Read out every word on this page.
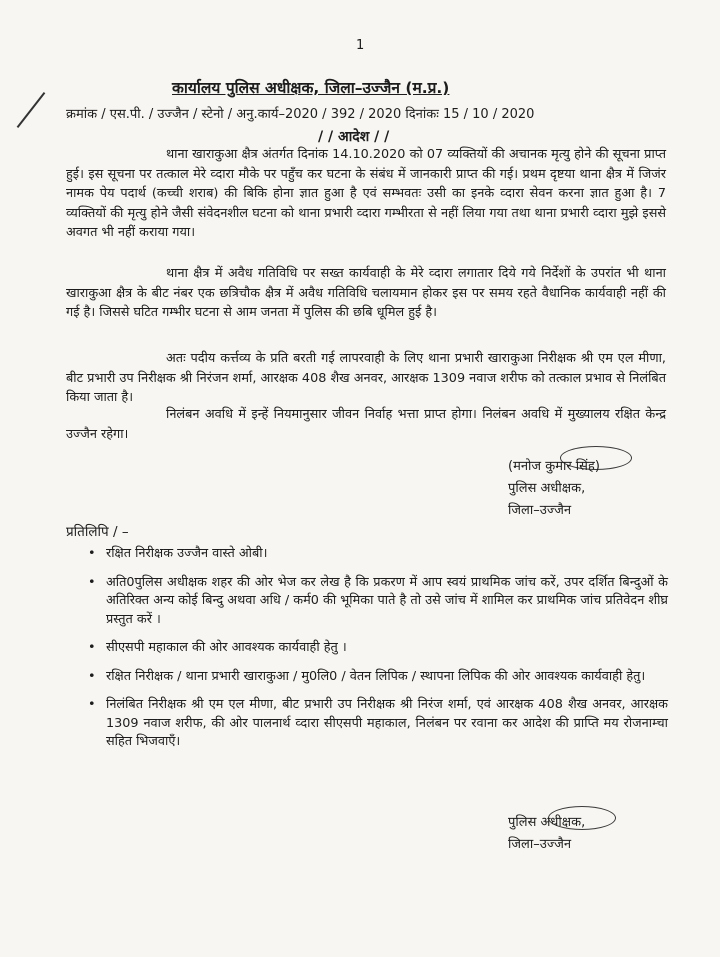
1
कार्यालय पुलिस अधीक्षक, जिला–उज्जैन (म.प्र.)
क्रमांक / एस.पी. / उज्जैन / स्टेनो / अनु.कार्य–2020 / 392 / 2020 दिनांकः 15 / 10 / 2020
/ / आदेश / /
थाना खाराकुआ क्षैत्र अंतर्गत दिनांक 14.10.2020 को 07 व्यक्तियों की अचानक मृत्यु होने की सूचना प्राप्त हुई। इस सूचना पर तत्काल मेरे व्दारा मौके पर पहुँच कर घटना के संबंध में जानकारी प्राप्त की गई। प्रथम दृष्टया थाना क्षैत्र में जिजंर नामक पेय पदार्थ (कच्ची शराब) की बिकि होना ज्ञात हुआ है एवं सम्भवतः उसी का इनके व्दारा सेवन करना ज्ञात हुआ है। 7 व्यक्तियों की मृत्यु होने जैसी संवेदनशील घटना को थाना प्रभारी व्दारा गम्भीरता से नहीं लिया गया तथा थाना प्रभारी व्दारा मुझे इससे अवगत भी नहीं कराया गया।
थाना क्षैत्र में अवैध गतिविधि पर सख्त कार्यवाही के मेरे व्दारा लगातार दिये गये निर्देशों के उपरांत भी थाना खाराकुआ क्षैत्र के बीट नंबर एक छत्रिचौक क्षैत्र में अवैध गतिविधि चलायमान होकर इस पर समय रहते वैधानिक कार्यवाही नहीं की गई है। जिससे घटित गम्भीर घटना से आम जनता में पुलिस की छबि धूमिल हुई है।
अतः पदीय कर्त्तव्य के प्रति बरती गई लापरवाही के लिए थाना प्रभारी खाराकुआ निरीक्षक श्री एम एल मीणा, बीट प्रभारी उप निरीक्षक श्री निरंजन शर्मा, आरक्षक 408 शैख अनवर, आरक्षक 1309 नवाज शरीफ को तत्काल प्रभाव से निलंबित किया जाता है।
निलंबन अवधि में इन्हें नियमानुसार जीवन निर्वाह भत्ता प्राप्त होगा। निलंबन अवधि में मुख्यालय रक्षित केन्द्र उज्जैन रहेगा।
(मनोज कुमार सिंह)
पुलिस अधीक्षक,
जिला–उज्जैन
प्रतिलिपि / –
• रक्षित निरीक्षक उज्जैन वास्ते ओबी।
• अति0पुलिस अधीक्षक शहर की ओर भेज कर लेख है कि प्रकरण में आप स्वयं प्राथमिक जांच करें, उपर दर्शित बिन्दुओं के अतिरिक्त अन्य कोई बिन्दु अथवा अधि / कर्म0 की भूमिका पाते है तो उसे जांच में शामिल कर प्राथमिक जांच प्रतिवेदन शीघ्र प्रस्तुत करें ।
• सीएसपी महाकाल की ओर आवश्यक कार्यवाही हेतु ।
• रक्षित निरीक्षक / थाना प्रभारी खाराकुआ / मु0लि0 / वेतन लिपिक / स्थापना लिपिक की ओर आवश्यक कार्यवाही हेतु।
• निलंबित निरीक्षक श्री एम एल मीणा, बीट प्रभारी उप निरीक्षक श्री निरंज शर्मा, एवं आरक्षक 408 शैख अनवर, आरक्षक 1309 नवाज शरीफ, की ओर पालनार्थ व्दारा सीएसपी महाकाल, निलंबन पर रवाना कर आदेश की प्राप्ति मय रोजनाम्चा सहित भिजवाएँ।
पुलिस अधीक्षक,
जिला–उज्जैन
